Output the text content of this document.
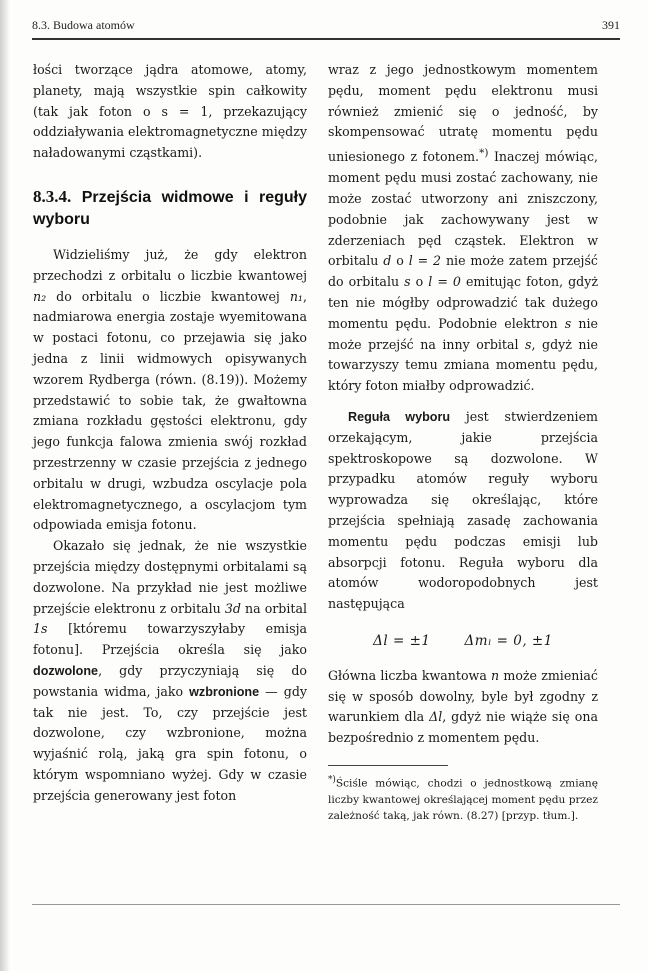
8.3. Budowa atomów	391

łości tworzące jądra atomowe, atomy, planety, mają wszystkie spin całkowity (tak jak foton o s = 1, przekazujący oddziaływania elektromagnetyczne między naładowanymi cząstkami).

8.3.4. Przejścia widmowe i reguły wyboru

Widzieliśmy już, że gdy elektron przechodzi z orbitalu o liczbie kwantowej n₂ do orbitalu o liczbie kwantowej n₁, nadmiarowa energia zostaje wyemitowana w postaci fotonu, co przejawia się jako jedna z linii widmowych opisywanych wzorem Rydberga (równ. (8.19)). Możemy przedstawić to sobie tak, że gwałtowna zmiana rozkładu gęstości elektronu, gdy jego funkcja falowa zmienia swój rozkład przestrzenny w czasie przejścia z jednego orbitalu w drugi, wzbudza oscylacje pola elektromagnetycznego, a oscylacjom tym odpowiada emisja fotonu.

Okazało się jednak, że nie wszystkie przejścia między dostępnymi orbitalami są dozwolone. Na przykład nie jest możliwe przejście elektronu z orbitalu 3d na orbital 1s [któremu towarzyszyłaby emisja fotonu]. Przejścia określa się jako dozwolone, gdy przyczyniają się do powstania widma, jako wzbronione — gdy tak nie jest. To, czy przejście jest dozwolone, czy wzbronione, można wyjaśnić rolą, jaką gra spin fotonu, o którym wspomniano wyżej. Gdy w czasie przejścia generowany jest foton

wraz z jego jednostkowym momentem pędu, moment pędu elektronu musi również zmienić się o jedność, by skompensować utratę momentu pędu uniesionego z fotonem.*) Inaczej mówiąc, moment pędu musi zostać zachowany, nie może zostać utworzony ani zniszczony, podobnie jak zachowywany jest w zderzeniach pęd cząstek. Elektron w orbitalu d o l = 2 nie może zatem przejść do orbitalu s o l = 0 emitując foton, gdyż ten nie mógłby odprowadzić tak dużego momentu pędu. Podobnie elektron s nie może przejść na inny orbital s, gdyż nie towarzyszy temu zmiana momentu pędu, który foton miałby odprowadzić.

Reguła wyboru jest stwierdzeniem orzekającym, jakie przejścia spektroskopowe są dozwolone. W przypadku atomów reguły wyboru wyprowadza się określając, które przejścia spełniają zasadę zachowania momentu pędu podczas emisji lub absorpcji fotonu. Reguła wyboru dla atomów wodoropodobnych jest następująca

Δl = ±1	Δmₗ = 0, ±1

Główna liczba kwantowa n może zmieniać się w sposób dowolny, byle był zgodny z warunkiem dla Δl, gdyż nie wiąże się ona bezpośrednio z momentem pędu.

*)Ściśle mówiąc, chodzi o jednostkową zmianę liczby kwantowej określającej moment pędu przez zależność taką, jak równ. (8.27) [przyp. tłum.].
